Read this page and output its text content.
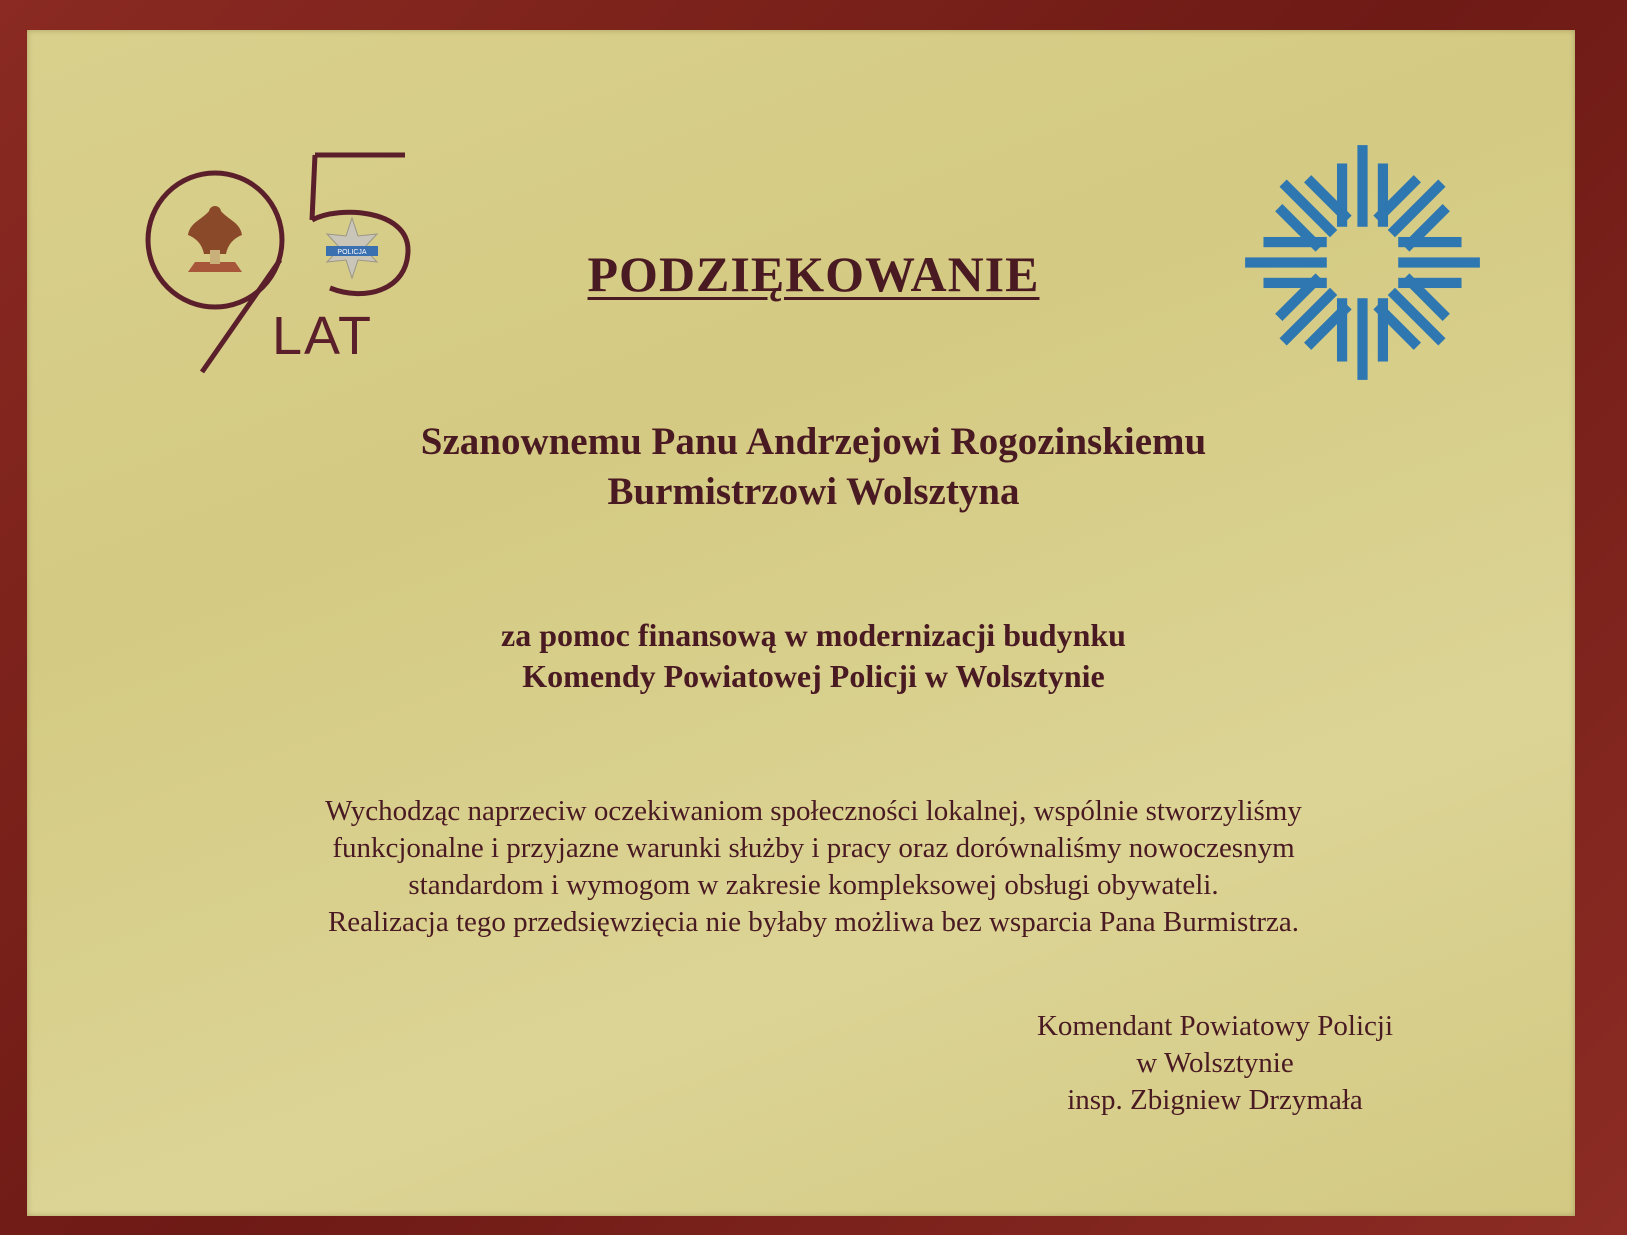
POLICJA
LAT
PODZIĘKOWANIE
Szanownemu Panu Andrzejowi Rogozinskiemu
Burmistrzowi Wolsztyna
za pomoc finansową w modernizacji budynku
Komendy Powiatowej Policji w Wolsztynie
Wychodząc naprzeciw oczekiwaniom społeczności lokalnej, wspólnie stworzyliśmy
funkcjonalne i przyjazne warunki służby i pracy oraz dorównaliśmy nowoczesnym
standardom i wymogom w zakresie kompleksowej obsługi obywateli.
Realizacja tego przedsięwzięcia nie byłaby możliwa bez wsparcia Pana Burmistrza.
Komendant Powiatowy Policji
w Wolsztynie
insp. Zbigniew Drzymała
